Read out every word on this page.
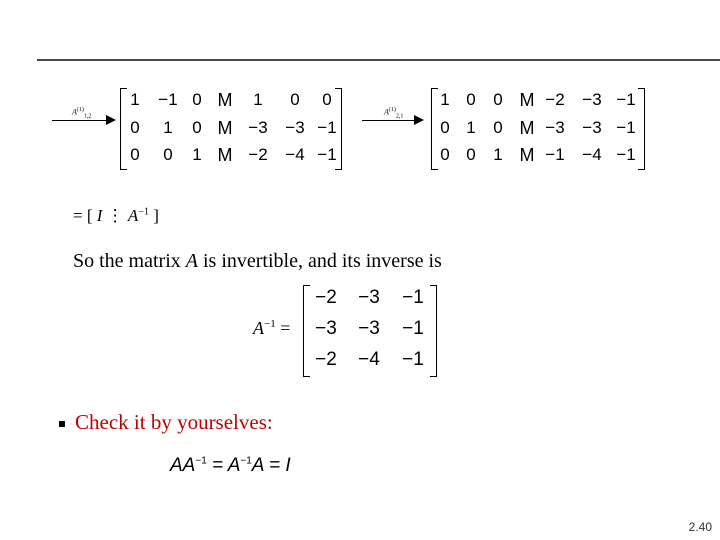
$A^{(1)}_{1,2}$
1	−1 0 M	1	0	0
0	1	0 M −3	−3 −1
0	0	1 M −2	−4 −1
$A^{(1)}_{2,1}$
1 0	0 M −2	−3 −1
0 1	0 M −3	−3 −1
0 0	1 M −1	−4 −1
= [ I ⋮ $A^{-1}$ ]
So the matrix A is invertible, and its inverse is
$A^{-1}$ =
−2	−3	−1
−3	−3	−1
−2	−4	−1
Check it by yourselves:
$AA^{-1} = A^{-1}A = I$
2.40
